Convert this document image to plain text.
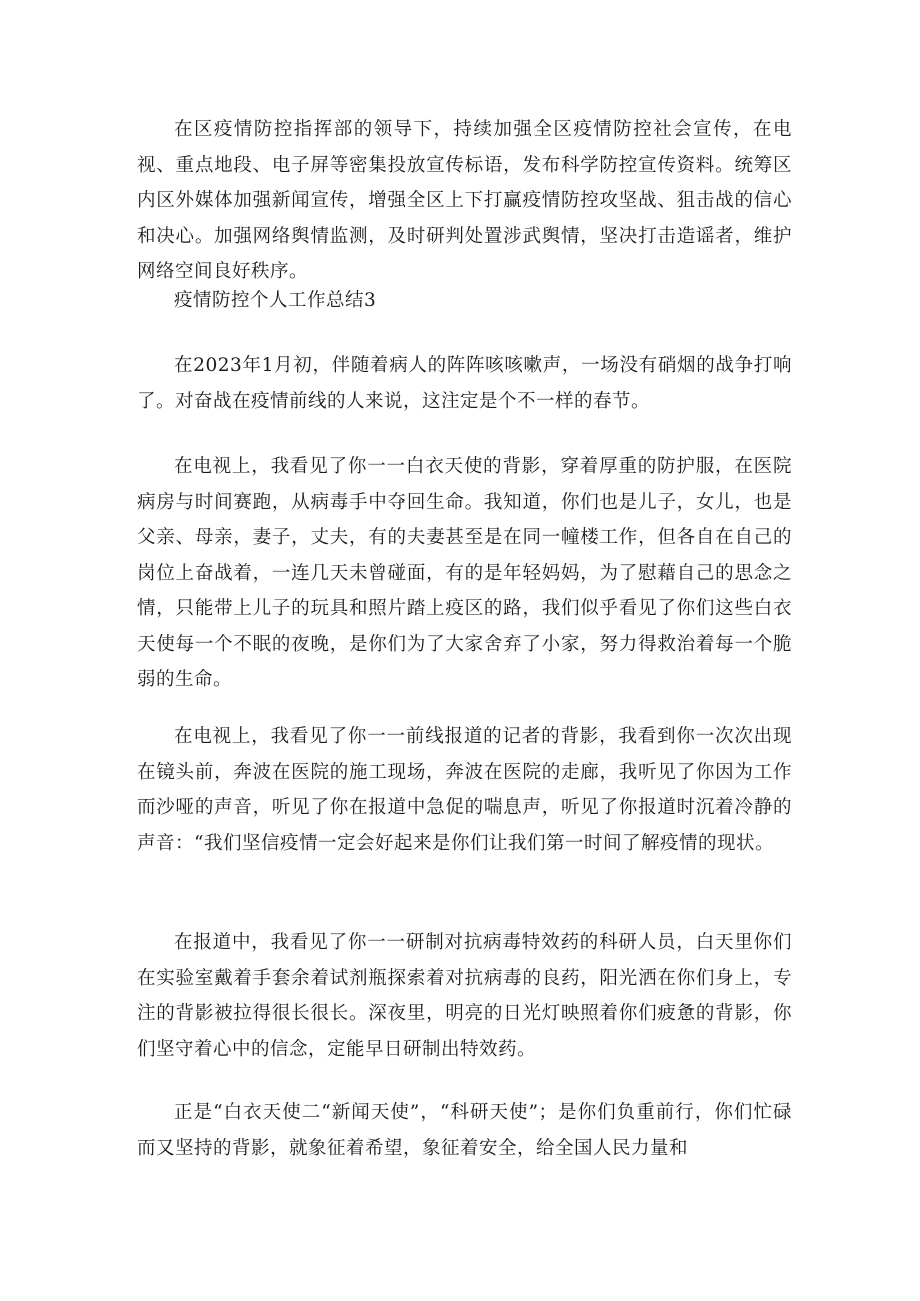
在区疫情防控指挥部的领导下，持续加强全区疫情防控社会宣传，在电视、重点地段、电子屏等密集投放宣传标语，发布科学防控宣传资料。统筹区内区外媒体加强新闻宣传，增强全区上下打赢疫情防控攻坚战、狙击战的信心和决心。加强网络舆情监测，及时研判处置涉武舆情，坚决打击造谣者，维护网络空间良好秩序。

疫情防控个人工作总结3

在2023年1月初，伴随着病人的阵阵咳咳嗽声，一场没有硝烟的战争打响了。对奋战在疫情前线的人来说，这注定是个不一样的春节。

在电视上，我看见了你一一白衣天使的背影，穿着厚重的防护服，在医院病房与时间赛跑，从病毒手中夺回生命。我知道，你们也是儿子，女儿，也是父亲、母亲，妻子，丈夫，有的夫妻甚至是在同一幢楼工作，但各自在自己的岗位上奋战着，一连几天未曾碰面，有的是年轻妈妈，为了慰藉自己的思念之情，只能带上儿子的玩具和照片踏上疫区的路，我们似乎看见了你们这些白衣天使每一个不眠的夜晚，是你们为了大家舍弃了小家，努力得救治着每一个脆弱的生命。

在电视上，我看见了你一一前线报道的记者的背影，我看到你一次次出现在镜头前，奔波在医院的施工现场，奔波在医院的走廊，我听见了你因为工作而沙哑的声音，听见了你在报道中急促的喘息声，听见了你报道时沉着冷静的声音：“我们坚信疫情一定会好起来是你们让我们第一时间了解疫情的现状。

在报道中，我看见了你一一研制对抗病毒特效药的科研人员，白天里你们在实验室戴着手套余着试剂瓶探索着对抗病毒的良药，阳光洒在你们身上，专注的背影被拉得很长很长。深夜里，明亮的日光灯映照着你们疲惫的背影，你们坚守着心中的信念，定能早日研制出特效药。

正是“白衣天使二“新闻天使”，“科研天使”；是你们负重前行，你们忙碌而又坚持的背影，就象征着希望，象征着安全，给全国人民力量和
